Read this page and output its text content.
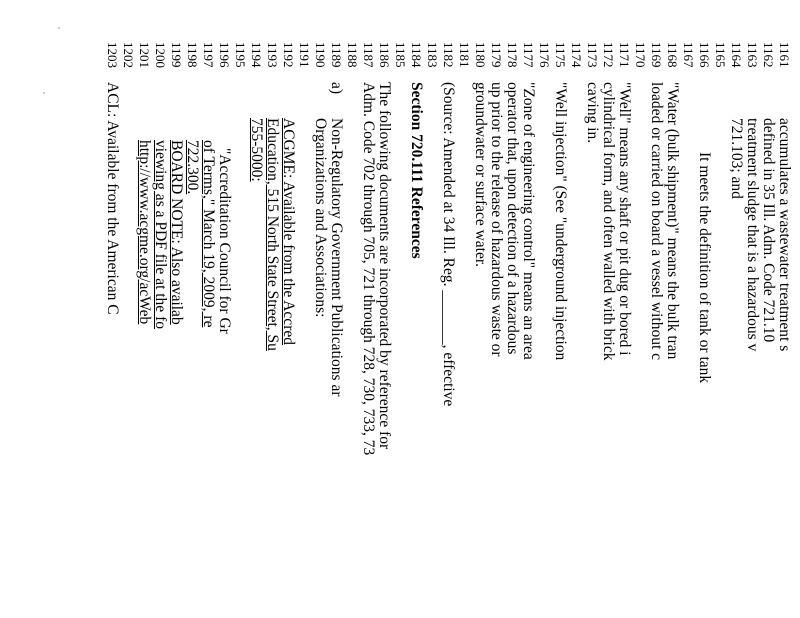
1161
1162
1163
1164
1165
1166
1167
1168
1169
1170
1171
1172
1173
1174
1175
1176
1177
1178
1179
1180
1181
1182
1183
1184
1185
1186
1187
1188
1189
1190
1191
1192
1193
1194
1195
1196
1197
1198
1199
1200
1201
1202
1203
accumulates a wastewater treatment s
defined in 35 Ill. Adm. Code 721.10
treatment sludge that is a hazardous v
721.103; and
It meets the definition of tank or tank
"Water (bulk shipment)" means the bulk tran
loaded or carried on board a vessel without c
"Well" means any shaft or pit dug or bored i
cylindrical form, and often walled with brick
caving in.
"Well injection" (See "underground injection
"Zone of engineering control" means an area
operator that, upon detection of a hazardous
up prior to the release of hazardous waste or
groundwater or surface water.
(Source: Amended at 34 Ill. Reg. _______, effective
Section 720.111 References
The following documents are incorporated by reference for
Adm. Code 702 through 705, 721 through 728, 730, 733, 73
a)
Non-Regulatory Government Publications ar
Organizations and Associations:
ACGME: Available from the Accred
Education, 515 North State Street, Su
755-5000:
"Accreditation Council for Gr
of Terms," March 19, 2009, re
722.300.
BOARD NOTE: Also availab
viewing as a PDF file at the fo
http://www.acgme.org/acWeb
ACL: Available from the American C
